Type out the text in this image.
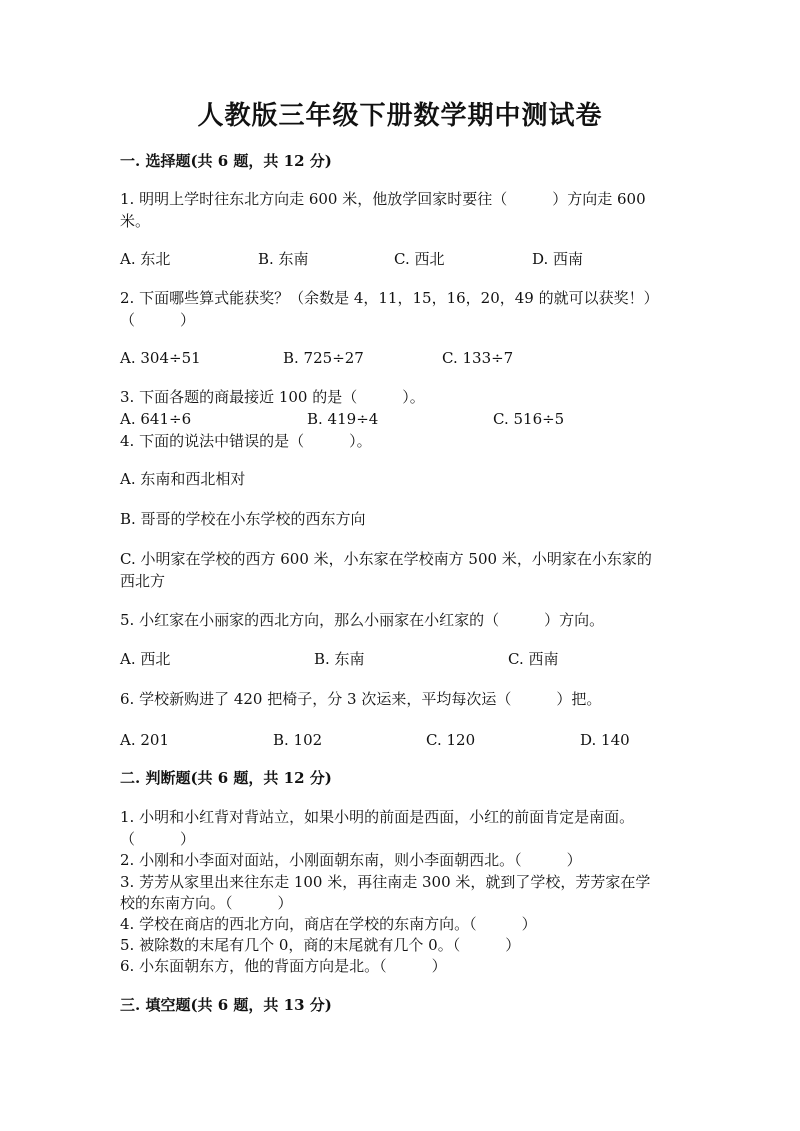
人教版三年级下册数学期中测试卷
一. 选择题(共 6 题，共 12 分)
1. 明明上学时往东北方向走 600 米，他放学回家时要往（　　　）方向走 600
米。
A. 东北	B. 东南	C. 西北	D. 西南
2. 下面哪些算式能获奖？（余数是 4，11，15，16，20，49 的就可以获奖！）
（　　　）
A. 304÷51	B. 725÷27	C. 133÷7
3. 下面各题的商最接近 100 的是（　　　）。
A. 641÷6	B. 419÷4	C. 516÷5
4. 下面的说法中错误的是（　　　）。
A. 东南和西北相对
B. 哥哥的学校在小东学校的西东方向
C. 小明家在学校的西方 600 米，小东家在学校南方 500 米，小明家在小东家的
西北方
5. 小红家在小丽家的西北方向，那么小丽家在小红家的（　　　）方向。
A. 西北	B. 东南	C. 西南
6. 学校新购进了 420 把椅子，分 3 次运来，平均每次运（　　　）把。
A. 201	B. 102	C. 120	D. 140
二. 判断题(共 6 题，共 12 分)
1. 小明和小红背对背站立，如果小明的前面是西面，小红的前面肯定是南面。
（　　　）
2. 小刚和小李面对面站，小刚面朝东南，则小李面朝西北。（　　　）
3. 芳芳从家里出来往东走 100 米，再往南走 300 米，就到了学校，芳芳家在学
校的东南方向。（　　　）
4. 学校在商店的西北方向，商店在学校的东南方向。（　　　）
5. 被除数的末尾有几个 0，商的末尾就有几个 0。（　　　）
6. 小东面朝东方，他的背面方向是北。（　　　）
三. 填空题(共 6 题，共 13 分)
